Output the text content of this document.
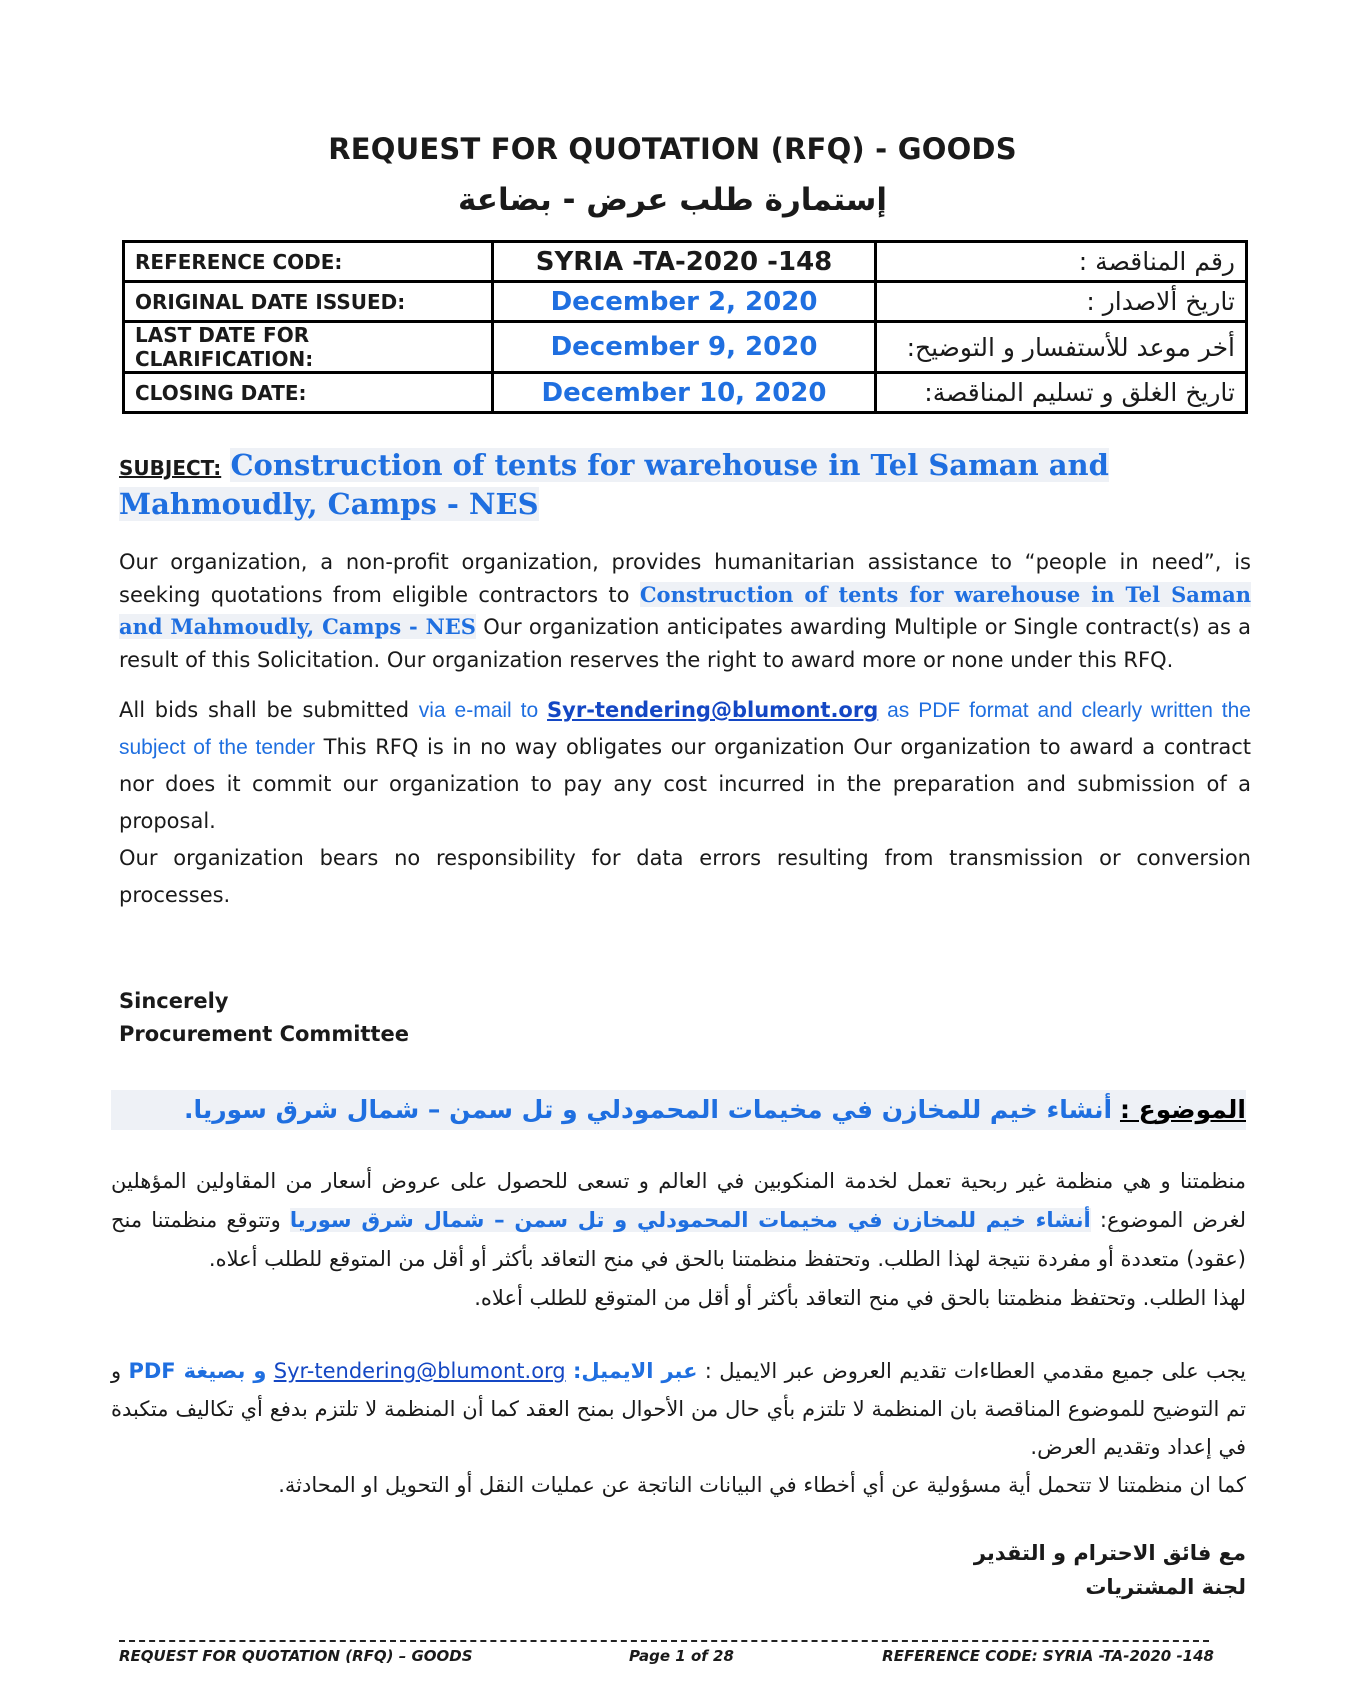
REQUEST FOR QUOTATION (RFQ) - GOODS
إستمارة طلب عرض - بضاعة
REFERENCE CODE:	SYRIA -TA-2020 -148	رقم المناقصة :
ORIGINAL DATE ISSUED:	December 2, 2020	تاريخ ألاصدار :
LAST DATE FOR CLARIFICATION:	December 9, 2020	أخر موعد للأستفسار و التوضيح:
CLOSING DATE:	December 10, 2020	تاريخ الغلق و تسليم المناقصة:
SUBJECT: Construction of tents for warehouse in Tel Saman and Mahmoudly, Camps - NES
Our organization, a non-profit organization, provides humanitarian assistance to “people in need”, is seeking quotations from eligible contractors to Construction of tents for warehouse in Tel Saman and Mahmoudly, Camps - NES Our organization anticipates awarding Multiple or Single contract(s) as a result of this Solicitation. Our organization reserves the right to award more or none under this RFQ.
All bids shall be submitted via e-mail to Syr-tendering@blumont.org as PDF format and clearly written the subject of the tender This RFQ is in no way obligates our organization Our organization to award a contract nor does it commit our organization to pay any cost incurred in the preparation and submission of a proposal.
Our organization bears no responsibility for data errors resulting from transmission or conversion processes.
Sincerely
Procurement Committee
الموضوع : أنشاء خيم للمخازن في مخيمات المحمودلي و تل سمن – شمال شرق سوريا.
منظمتنا و هي منظمة غير ربحية تعمل لخدمة المنكوبين في العالم و تسعى للحصول على عروض أسعار من المقاولين المؤهلين لغرض الموضوع: أنشاء خيم للمخازن في مخيمات المحمودلي و تل سمن – شمال شرق سوريا وتتوقع منظمتنا منح (عقود) متعددة أو مفردة نتيجة لهذا الطلب. وتحتفظ منظمتنا بالحق في منح التعاقد بأكثر أو أقل من المتوقع للطلب أعلاه.
لهذا الطلب. وتحتفظ منظمتنا بالحق في منح التعاقد بأكثر أو أقل من المتوقع للطلب أعلاه.
يجب على جميع مقدمي العطاءات تقديم العروض عبر الايميل : عبر الايميل: Syr-tendering@blumont.org و بصيغة PDF و تم التوضيح للموضوع المناقصة بان المنظمة لا تلتزم بأي حال من الأحوال بمنح العقد كما أن المنظمة لا تلتزم بدفع أي تكاليف متكبدة في إعداد وتقديم العرض.
كما ان منظمتنا لا تتحمل أية مسؤولية عن أي أخطاء في البيانات الناتجة عن عمليات النقل أو التحويل او المحادثة.
مع فائق الاحترام و التقدير
لجنة المشتريات
REQUEST FOR QUOTATION (RFQ) – GOODS	Page 1 of 28	REFERENCE CODE: SYRIA -TA-2020 -148
